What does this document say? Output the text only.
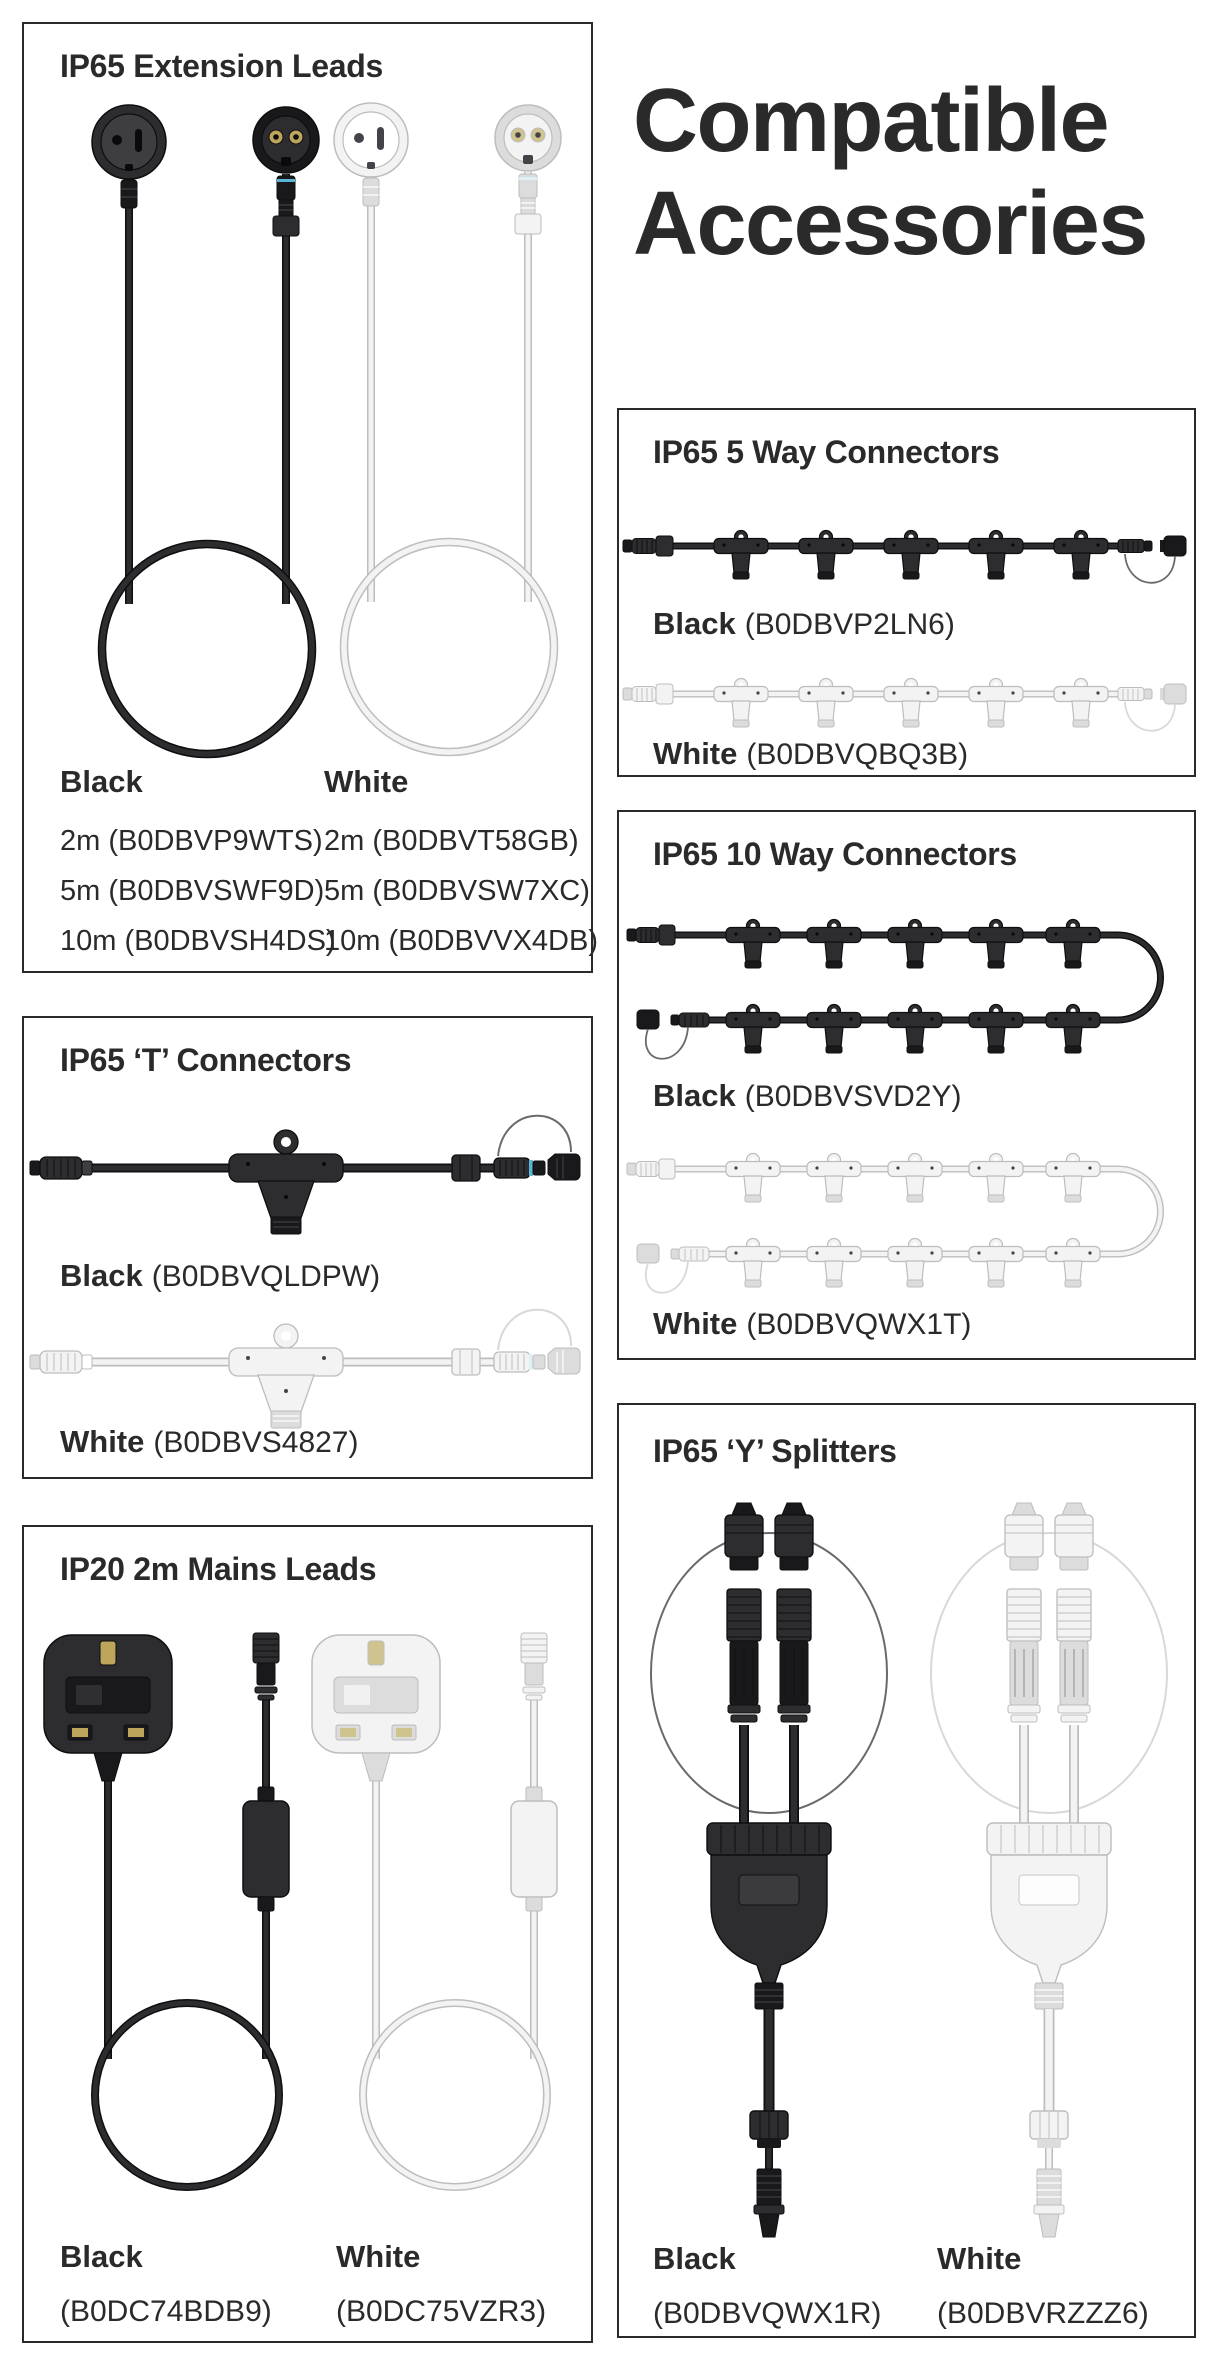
Compatible
Accessories
IP65 Extension Leads
Black
2m (B0DBVP9WTS)
5m (B0DBVSWF9D)
10m (B0DBVSH4DS)
White
2m (B0DBVT58GB)
5m (B0DBVSW7XC)
10m (B0DBVVX4DB)
IP65 ‘T’ Connectors
Black (B0DBVQLDPW)
White (B0DBVS4827)
IP20 2m Mains Leads
Black
(B0DC74BDB9)
White
(B0DC75VZR3)
IP65 5 Way Connectors
Black (B0DBVP2LN6)
White (B0DBVQBQ3B)
IP65 10 Way Connectors
Black (B0DBVSVD2Y)
White (B0DBVQWX1T)
IP65 ‘Y’ Splitters
Black
(B0DBVQWX1R)
White
(B0DBVRZZZ6)
